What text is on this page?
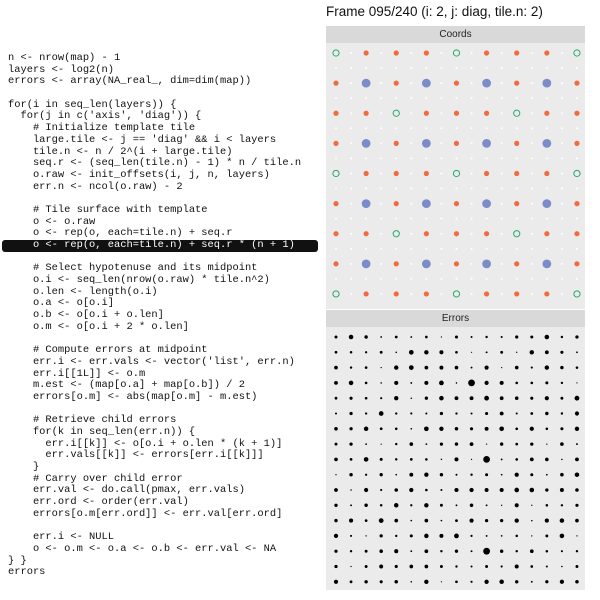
Frame 095/240 (i: 2, j: diag, tile.n: 2)
n <- nrow(map) - 1
layers <- log2(n)
errors <- array(NA_real_, dim=dim(map))
for(i in seq_len(layers)) {
for(j in c('axis', 'diag')) {
# Initialize template tile
large.tile <- j == 'diag' && i < layers
tile.n <- n / 2^(i + large.tile)
seq.r <- (seq_len(tile.n) - 1) * n / tile.n
o.raw <- init_offsets(i, j, n, layers)
err.n <- ncol(o.raw) - 2
# Tile surface with template
o <- o.raw
o <- rep(o, each=tile.n) + seq.r
o <- rep(o, each=tile.n) + seq.r * (n + 1)
# Select hypotenuse and its midpoint
o.i <- seq_len(nrow(o.raw) * tile.n^2)
o.len <- length(o.i)
o.a <- o[o.i]
o.b <- o[o.i + o.len]
o.m <- o[o.i + 2 * o.len]
# Compute errors at midpoint
err.i <- err.vals <- vector('list', err.n)
err.i[[1L]] <- o.m
m.est <- (map[o.a] + map[o.b]) / 2
errors[o.m] <- abs(map[o.m] - m.est)
# Retrieve child errors
for(k in seq_len(err.n)) {
err.i[[k]] <- o[o.i + o.len * (k + 1)]
err.vals[[k]] <- errors[err.i[[k]]]
}
# Carry over child error
err.val <- do.call(pmax, err.vals)
err.ord <- order(err.val)
errors[o.m[err.ord]] <- err.val[err.ord]
err.i <- NULL
o <- o.m <- o.a <- o.b <- err.val <- NA
} }
errors
Coords
Errors
